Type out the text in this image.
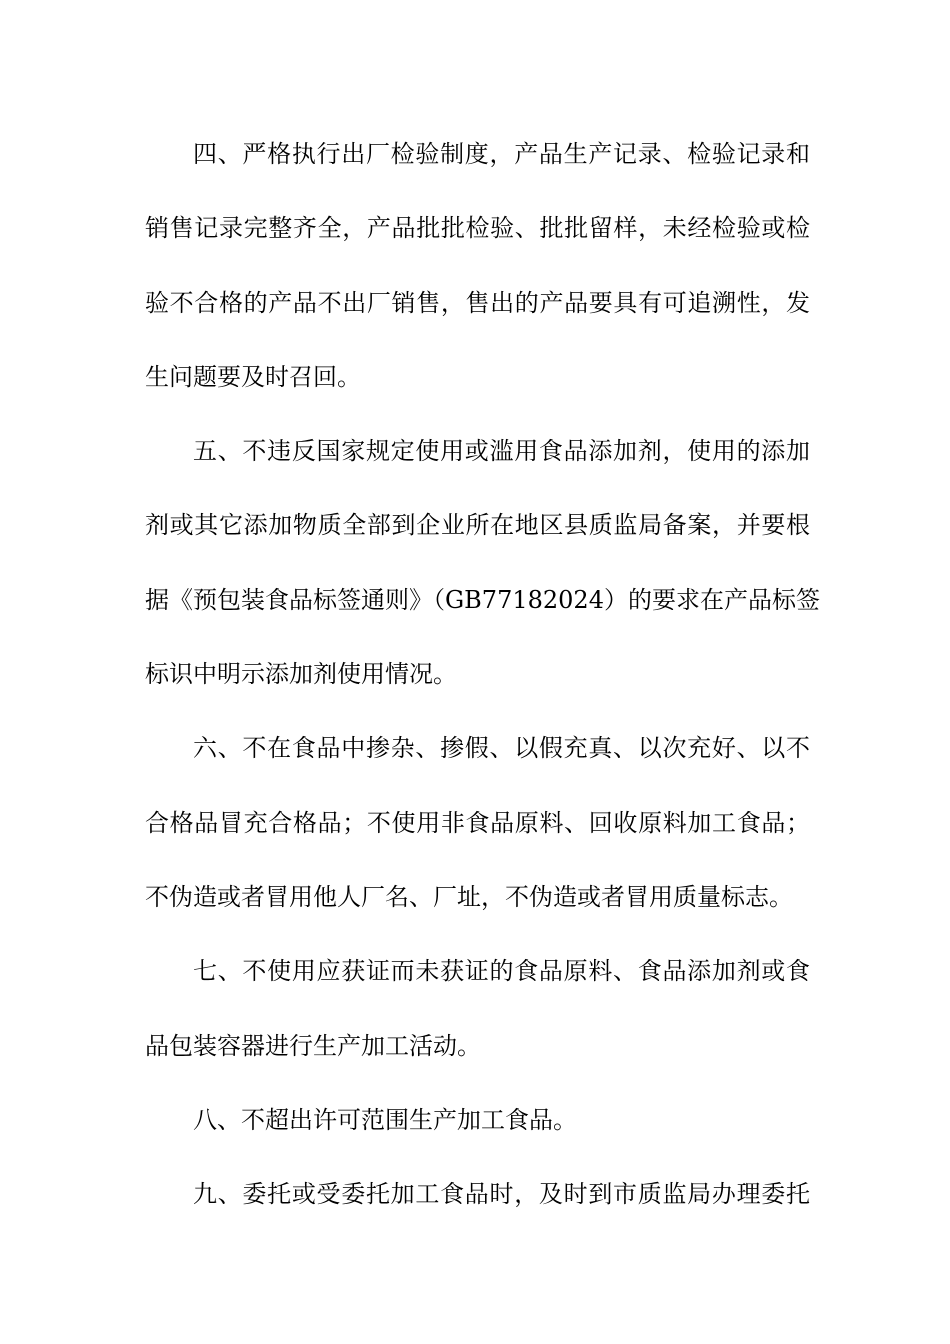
四、严格执行出厂检验制度，产品生产记录、检验记录和
销售记录完整齐全，产品批批检验、批批留样，未经检验或检
验不合格的产品不出厂销售，售出的产品要具有可追溯性，发
生问题要及时召回。
五、不违反国家规定使用或滥用食品添加剂，使用的添加
剂或其它添加物质全部到企业所在地区县质监局备案，并要根
据《预包装食品标签通则》（GB77182024）的要求在产品标签
标识中明示添加剂使用情况。
六、不在食品中掺杂、掺假、以假充真、以次充好、以不
合格品冒充合格品；不使用非食品原料、回收原料加工食品；
不伪造或者冒用他人厂名、厂址，不伪造或者冒用质量标志。
七、不使用应获证而未获证的食品原料、食品添加剂或食
品包装容器进行生产加工活动。
八、不超出许可范围生产加工食品。
九、委托或受委托加工食品时，及时到市质监局办理委托
